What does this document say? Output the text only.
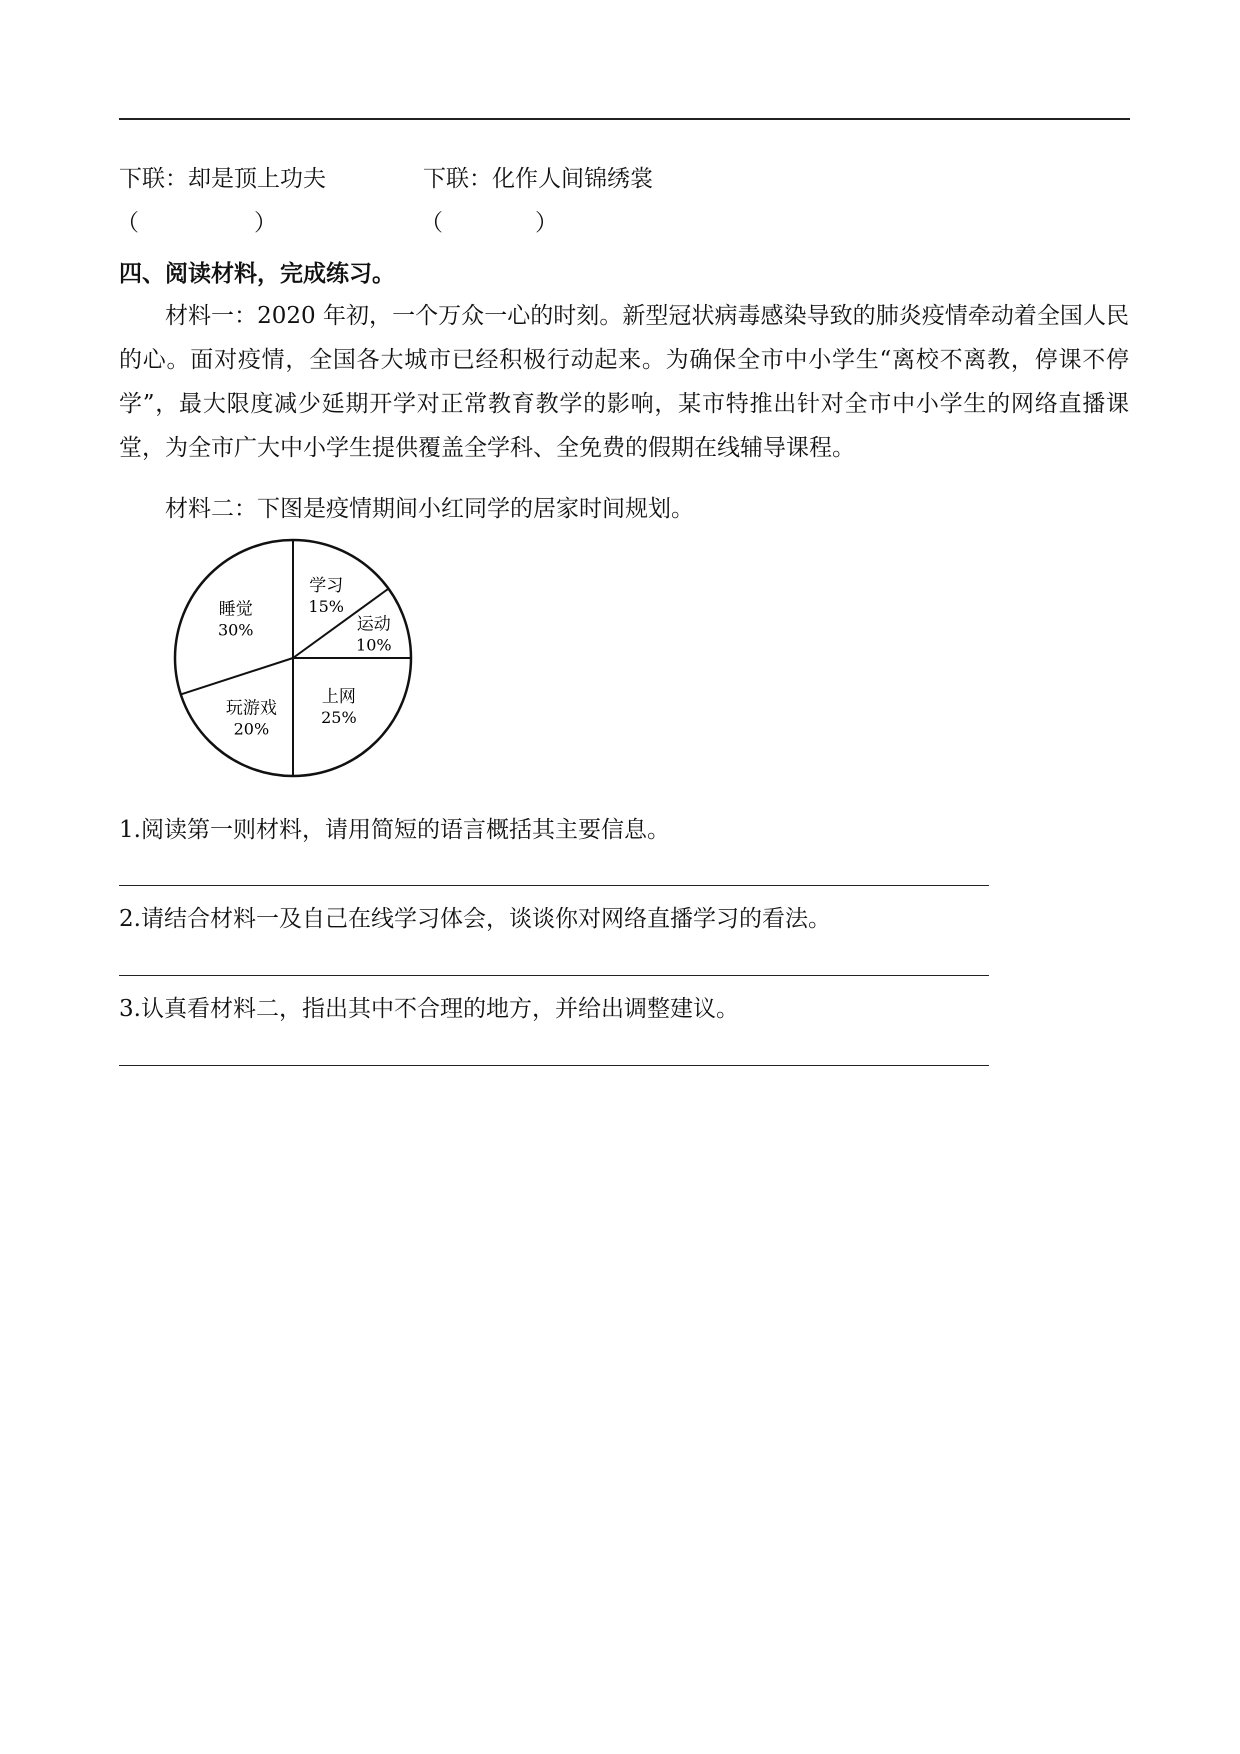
下联：却是顶上功夫	下联：化作人间锦绣裳
（　　　　　）	（　　　　）
四、阅读材料，完成练习。
材料一：2020 年初，一个万众一心的时刻。新型冠状病毒感染导致的肺炎疫情牵动着全国人民的心。面对疫情，全国各大城市已经积极行动起来。为确保全市中小学生“离校不离教，停课不停学”，最大限度减少延期开学对正常教育教学的影响，某市特推出针对全市中小学生的网络直播课堂，为全市广大中小学生提供覆盖全学科、全免费的假期在线辅导课程。
材料二：下图是疫情期间小红同学的居家时间规划。
学习
15%
运动
10%
上网
25%
玩游戏
20%
睡觉
30%
1.阅读第一则材料，请用简短的语言概括其主要信息。
2.请结合材料一及自己在线学习体会，谈谈你对网络直播学习的看法。
3.认真看材料二，指出其中不合理的地方，并给出调整建议。
